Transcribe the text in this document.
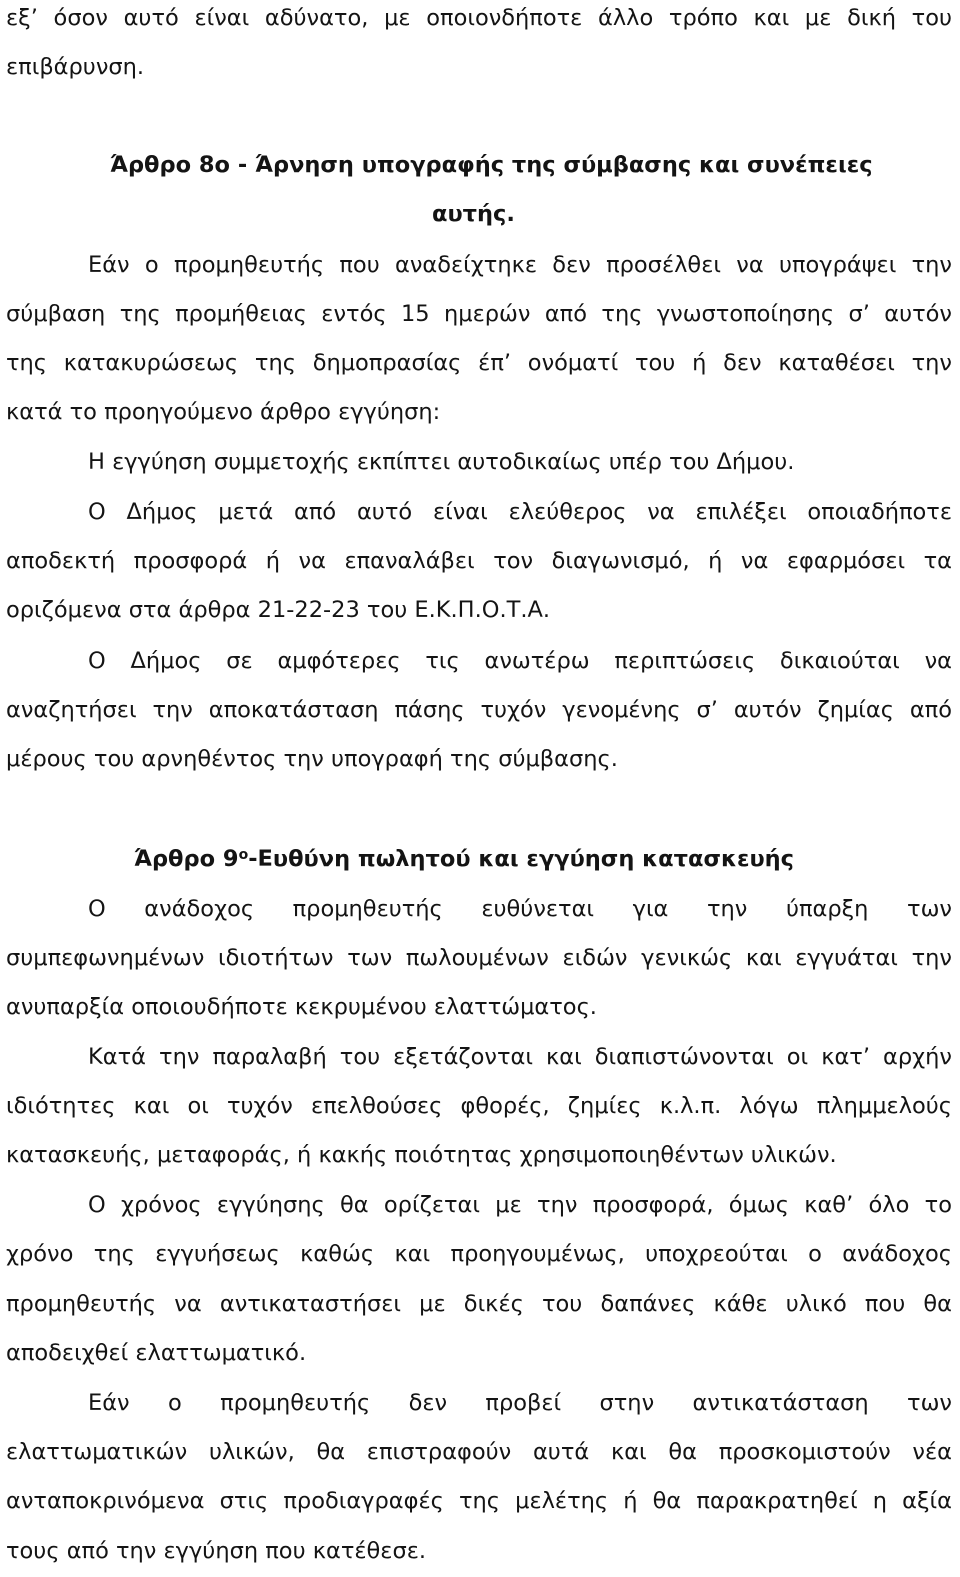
εξ’ όσον αυτό είναι αδύνατο, με οποιονδήποτε άλλο τρόπο και με δική του
επιβάρυνση.
Άρθρο 8ο - Άρνηση υπογραφής της σύμβασης και συνέπειες
αυτής.
Εάν ο προμηθευτής που αναδείχτηκε δεν προσέλθει να υπογράψει την
σύμβαση της προμήθειας εντός 15 ημερών από της γνωστοποίησης σ’ αυτόν
της κατακυρώσεως της δημοπρασίας έπ’ ονόματί του ή δεν καταθέσει την
κατά το προηγούμενο άρθρο εγγύηση:
Η εγγύηση συμμετοχής εκπίπτει αυτοδικαίως υπέρ του Δήμου.
Ο Δήμος μετά από αυτό είναι ελεύθερος να επιλέξει οποιαδήποτε
αποδεκτή προσφορά ή να επαναλάβει τον διαγωνισμό, ή να εφαρμόσει τα
οριζόμενα στα άρθρα 21-22-23 του Ε.Κ.Π.Ο.Τ.Α.
Ο Δήμος σε αμφότερες τις ανωτέρω περιπτώσεις δικαιούται να
αναζητήσει την αποκατάσταση πάσης τυχόν γενομένης σ’ αυτόν ζημίας από
μέρους του αρνηθέντος την υπογραφή της σύμβασης.
Άρθρο $9^o$-Ευθύνη πωλητού και εγγύηση κατασκευής
Ο ανάδοχος προμηθευτής ευθύνεται για την ύπαρξη των
συμπεφωνημένων ιδιοτήτων των πωλουμένων ειδών γενικώς και εγγυάται την
ανυπαρξία οποιουδήποτε κεκρυμένου ελαττώματος.
Κατά την παραλαβή του εξετάζονται και διαπιστώνονται οι κατ’ αρχήν
ιδιότητες και οι τυχόν επελθούσες φθορές, ζημίες κ.λ.π. λόγω πλημμελούς
κατασκευής, μεταφοράς, ή κακής ποιότητας χρησιμοποιηθέντων υλικών.
Ο χρόνος εγγύησης θα ορίζεται με την προσφορά, όμως καθ’ όλο το
χρόνο της εγγυήσεως καθώς και προηγουμένως, υποχρεούται ο ανάδοχος
προμηθευτής να αντικαταστήσει με δικές του δαπάνες κάθε υλικό που θα
αποδειχθεί ελαττωματικό.
Εάν ο προμηθευτής δεν προβεί στην αντικατάσταση των
ελαττωματικών υλικών, θα επιστραφούν αυτά και θα προσκομιστούν νέα
ανταποκρινόμενα στις προδιαγραφές της μελέτης ή θα παρακρατηθεί η αξία
τους από την εγγύηση που κατέθεσε.
